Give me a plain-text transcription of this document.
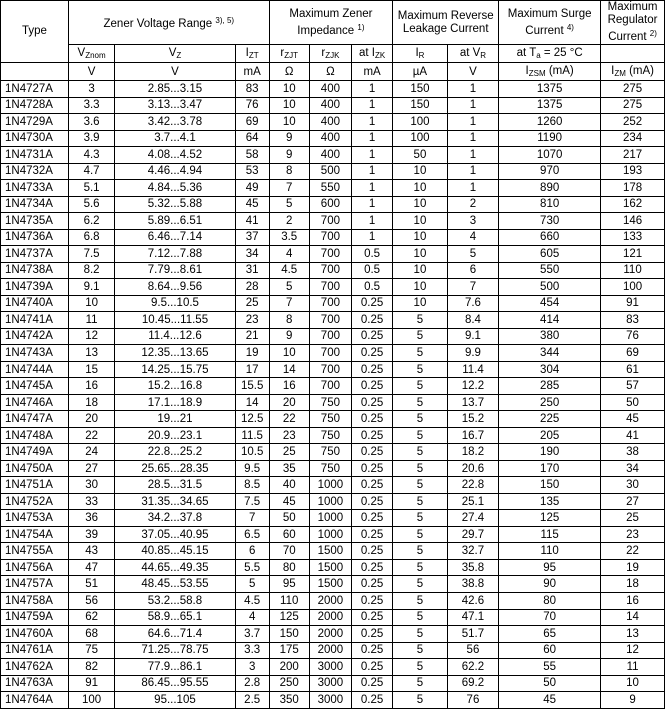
Type	Zener Voltage Range $^{3), 5)}$			Maximum Zener Impedance $^{1)}$			Maximum Reverse Leakage Current		Maximum Surge Current $^{4)}$	Maximum Regulator Current $^{2)}$
	$V_{Znom}$	$V_Z$	$I_{ZT}$	$r_{ZJT}$	$r_{ZJK}$	at $I_{ZK}$	$I_R$	at $V_R$	at $T_a = 25$ °C	
	V	V	mA	Ω	Ω	mA	µA	V	$I_{ZSM}$ (mA)	$I_{ZM}$ (mA)
1N4727A	3	2.85...3.15	83	10	400	1	150	1	1375	275
1N4728A	3.3	3.13...3.47	76	10	400	1	150	1	1375	275
1N4729A	3.6	3.42...3.78	69	10	400	1	100	1	1260	252
1N4730A	3.9	3.7...4.1	64	9	400	1	100	1	1190	234
1N4731A	4.3	4.08...4.52	58	9	400	1	50	1	1070	217
1N4732A	4.7	4.46...4.94	53	8	500	1	10	1	970	193
1N4733A	5.1	4.84...5.36	49	7	550	1	10	1	890	178
1N4734A	5.6	5.32...5.88	45	5	600	1	10	2	810	162
1N4735A	6.2	5.89...6.51	41	2	700	1	10	3	730	146
1N4736A	6.8	6.46...7.14	37	3.5	700	1	10	4	660	133
1N4737A	7.5	7.12...7.88	34	4	700	0.5	10	5	605	121
1N4738A	8.2	7.79...8.61	31	4.5	700	0.5	10	6	550	110
1N4739A	9.1	8.64...9.56	28	5	700	0.5	10	7	500	100
1N4740A	10	9.5...10.5	25	7	700	0.25	10	7.6	454	91
1N4741A	11	10.45...11.55	23	8	700	0.25	5	8.4	414	83
1N4742A	12	11.4...12.6	21	9	700	0.25	5	9.1	380	76
1N4743A	13	12.35...13.65	19	10	700	0.25	5	9.9	344	69
1N4744A	15	14.25...15.75	17	14	700	0.25	5	11.4	304	61
1N4745A	16	15.2...16.8	15.5	16	700	0.25	5	12.2	285	57
1N4746A	18	17.1...18.9	14	20	750	0.25	5	13.7	250	50
1N4747A	20	19...21	12.5	22	750	0.25	5	15.2	225	45
1N4748A	22	20.9...23.1	11.5	23	750	0.25	5	16.7	205	41
1N4749A	24	22.8...25.2	10.5	25	750	0.25	5	18.2	190	38
1N4750A	27	25.65...28.35	9.5	35	750	0.25	5	20.6	170	34
1N4751A	30	28.5...31.5	8.5	40	1000	0.25	5	22.8	150	30
1N4752A	33	31.35...34.65	7.5	45	1000	0.25	5	25.1	135	27
1N4753A	36	34.2...37.8	7	50	1000	0.25	5	27.4	125	25
1N4754A	39	37.05...40.95	6.5	60	1000	0.25	5	29.7	115	23
1N4755A	43	40.85...45.15	6	70	1500	0.25	5	32.7	110	22
1N4756A	47	44.65...49.35	5.5	80	1500	0.25	5	35.8	95	19
1N4757A	51	48.45...53.55	5	95	1500	0.25	5	38.8	90	18
1N4758A	56	53.2...58.8	4.5	110	2000	0.25	5	42.6	80	16
1N4759A	62	58.9...65.1	4	125	2000	0.25	5	47.1	70	14
1N4760A	68	64.6...71.4	3.7	150	2000	0.25	5	51.7	65	13
1N4761A	75	71.25...78.75	3.3	175	2000	0.25	5	56	60	12
1N4762A	82	77.9...86.1	3	200	3000	0.25	5	62.2	55	11
1N4763A	91	86.45...95.55	2.8	250	3000	0.25	5	69.2	50	10
1N4764A	100	95...105	2.5	350	3000	0.25	5	76	45	9
